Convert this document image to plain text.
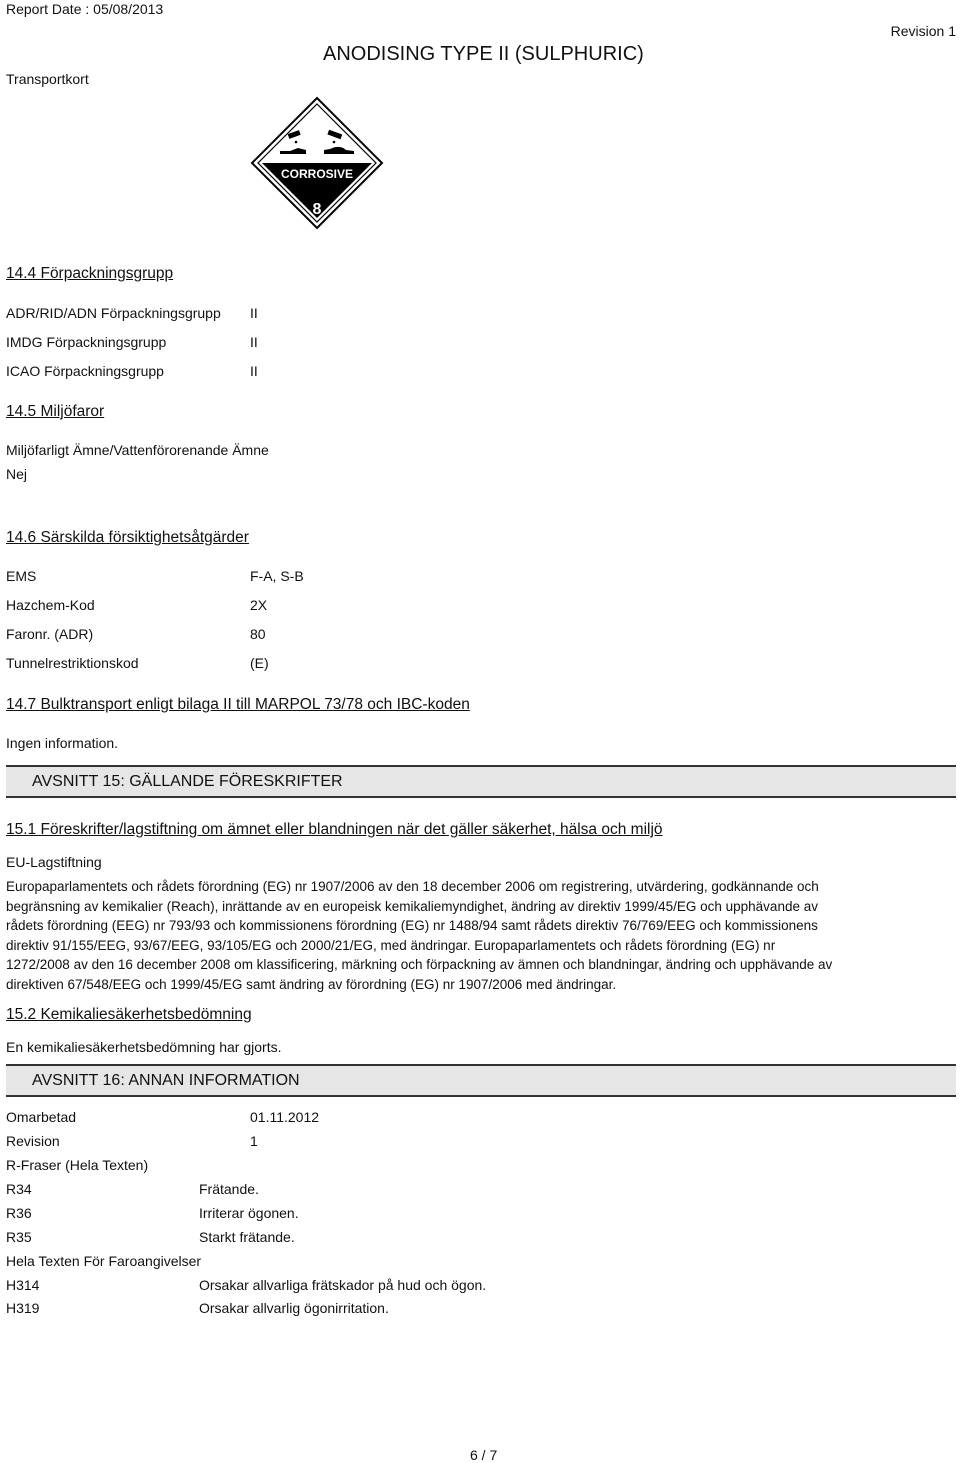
Report Date : 05/08/2013
Revision 1
ANODISING TYPE II (SULPHURIC)
Transportkort
CORROSIVE
8
14.4 Förpackningsgrupp
ADR/RID/ADN Förpackningsgrupp II
IMDG Förpackningsgrupp	II
ICAO Förpackningsgrupp	II
14.5 Miljöfaror
Miljöfarligt Ämne/Vattenförorenande Ämne
Nej
14.6 Särskilda försiktighetsåtgärder
EMS	F-A, S-B
Hazchem-Kod	2X
Faronr. (ADR)	80
Tunnelrestriktionskod	(E)
14.7 Bulktransport enligt bilaga II till MARPOL 73/78 och IBC-koden
Ingen information.
AVSNITT 15: GÄLLANDE FÖRESKRIFTER
15.1 Föreskrifter/lagstiftning om ämnet eller blandningen när det gäller säkerhet, hälsa och miljö
EU-Lagstiftning
Europaparlamentets och rådets förordning (EG) nr 1907/2006 av den 18 december 2006 om registrering, utvärdering, godkännande och
begränsning av kemikalier (Reach), inrättande av en europeisk kemikaliemyndighet, ändring av direktiv 1999/45/EG och upphävande av
rådets förordning (EEG) nr 793/93 och kommissionens förordning (EG) nr 1488/94 samt rådets direktiv 76/769/EEG och kommissionens
direktiv 91/155/EEG, 93/67/EEG, 93/105/EG och 2000/21/EG, med ändringar. Europaparlamentets och rådets förordning (EG) nr
1272/2008 av den 16 december 2008 om klassificering, märkning och förpackning av ämnen och blandningar, ändring och upphävande av
direktiven 67/548/EEG och 1999/45/EG samt ändring av förordning (EG) nr 1907/2006 med ändringar.
15.2 Kemikaliesäkerhetsbedömning
En kemikaliesäkerhetsbedömning har gjorts.
AVSNITT 16: ANNAN INFORMATION
Omarbetad	01.11.2012
Revision	1
R-Fraser (Hela Texten)
R34	Frätande.
R36	Irriterar ögonen.
R35	Starkt frätande.
Hela Texten För Faroangivelser
H314	Orsakar allvarliga frätskador på hud och ögon.
H319	Orsakar allvarlig ögonirritation.
6 / 7
